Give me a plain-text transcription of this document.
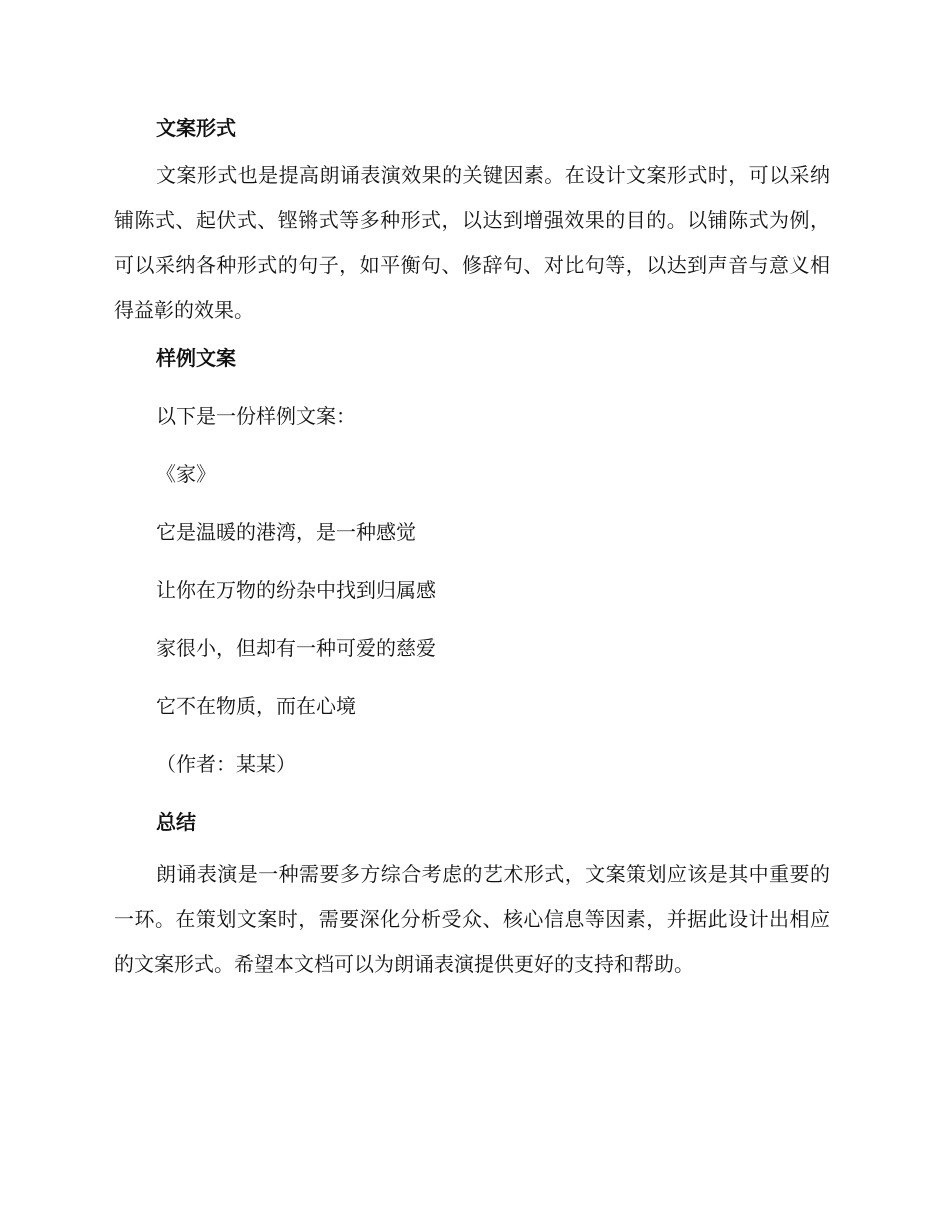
文案形式

文案形式也是提高朗诵表演效果的关键因素。在设计文案形式时，可以采纳铺陈式、起伏式、铿锵式等多种形式，以达到增强效果的目的。以铺陈式为例，可以采纳各种形式的句子，如平衡句、修辞句、对比句等，以达到声音与意义相得益彰的效果。

样例文案

以下是一份样例文案：

《家》

它是温暖的港湾，是一种感觉

让你在万物的纷杂中找到归属感

家很小，但却有一种可爱的慈爱

它不在物质，而在心境

（作者：某某）

总结

朗诵表演是一种需要多方综合考虑的艺术形式，文案策划应该是其中重要的一环。在策划文案时，需要深化分析受众、核心信息等因素，并据此设计出相应的文案形式。希望本文档可以为朗诵表演提供更好的支持和帮助。
